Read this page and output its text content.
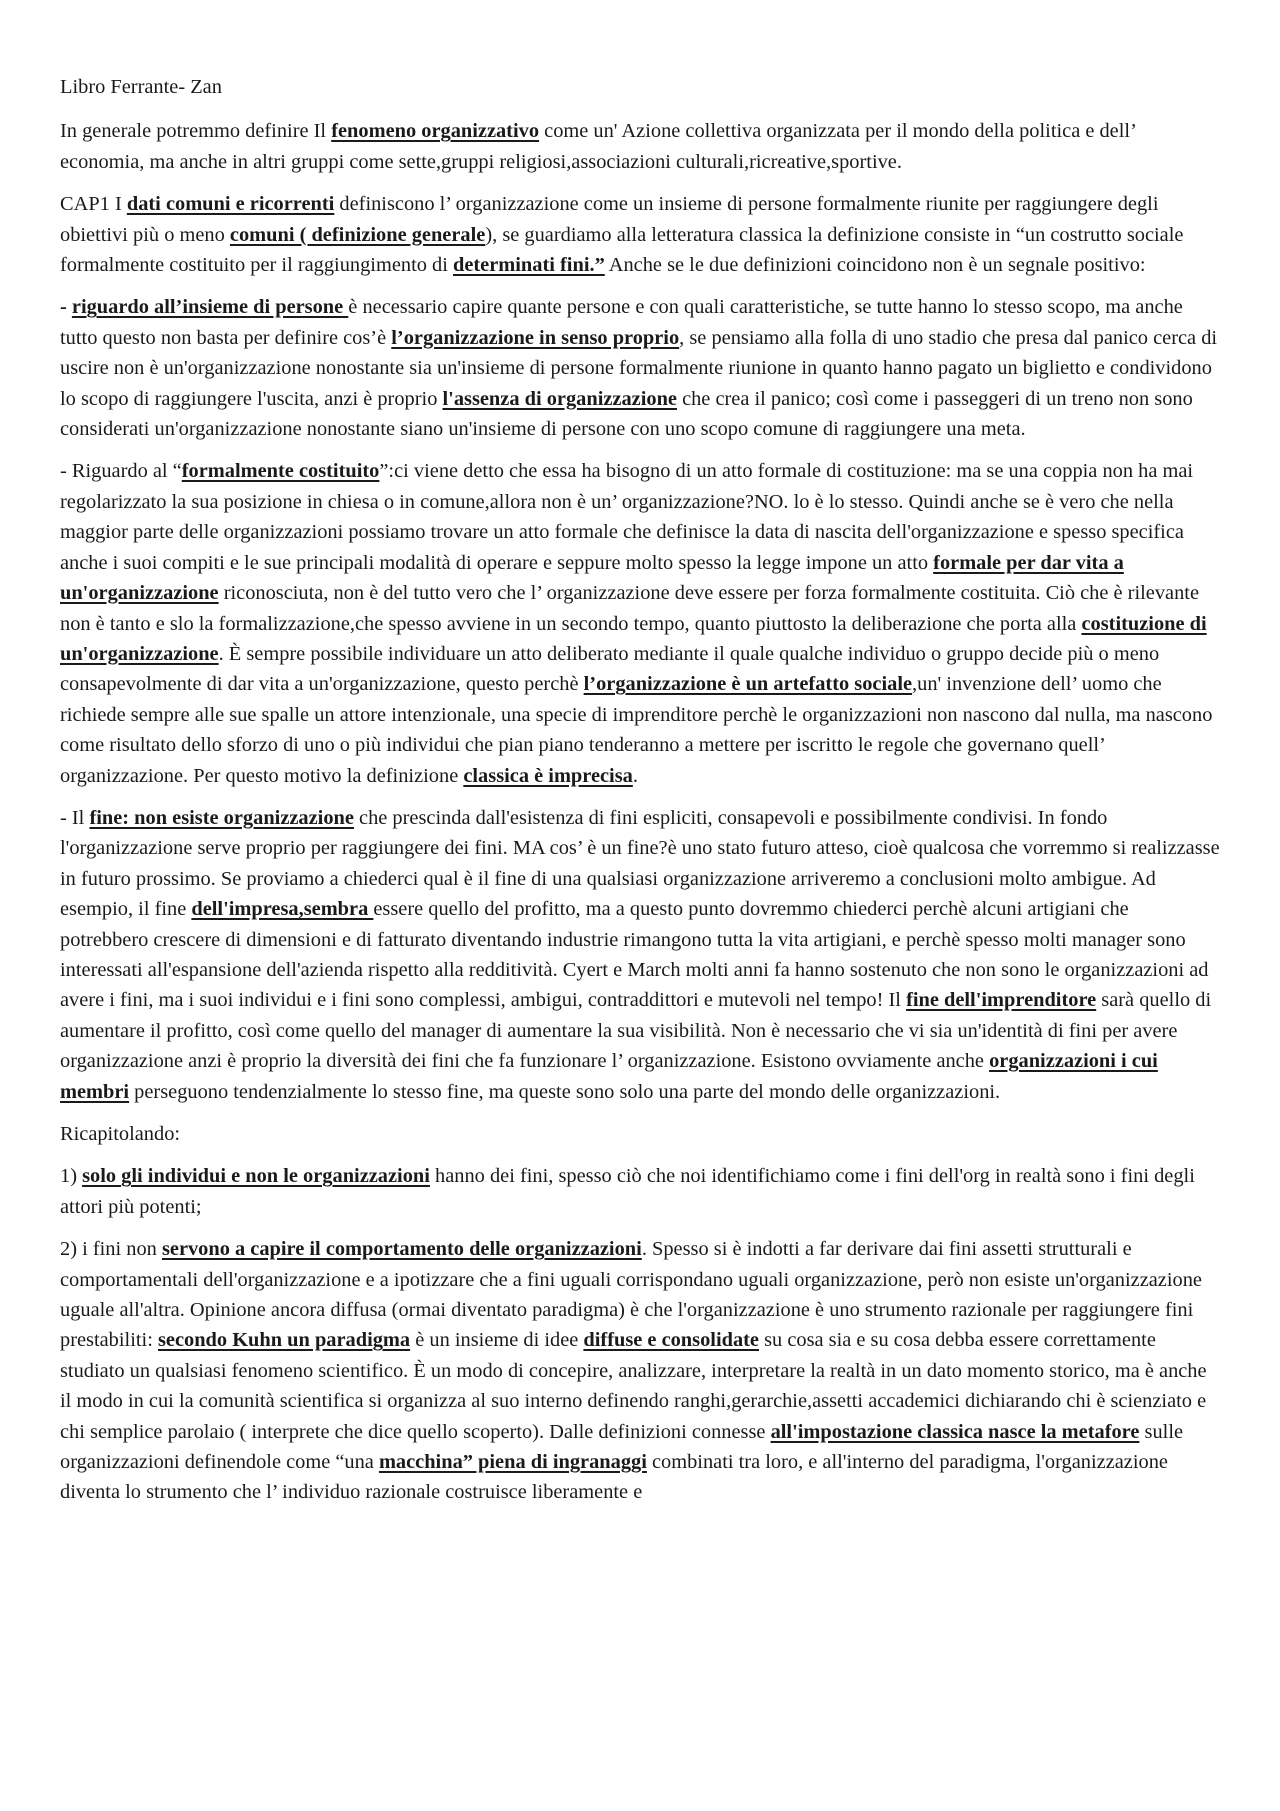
Libro Ferrante- Zan

In generale potremmo definire Il fenomeno organizzativo come un' Azione collettiva organizzata per il mondo della politica e dell’ economia, ma anche in altri gruppi come sette,gruppi religiosi,associazioni culturali,ricreative,sportive.

CAP1 I dati comuni e ricorrenti definiscono l’ organizzazione come un insieme di persone formalmente riunite per raggiungere degli obiettivi più o meno comuni ( definizione generale), se guardiamo alla letteratura classica la definizione consiste in “un costrutto sociale formalmente costituito per il raggiungimento di determinati fini.” Anche se le due definizioni coincidono non è un segnale positivo:

- riguardo all’insieme di persone è necessario capire quante persone e con quali caratteristiche, se tutte hanno lo stesso scopo, ma anche tutto questo non basta per definire cos’è l’organizzazione in senso proprio, se pensiamo alla folla di uno stadio che presa dal panico cerca di uscire non è un'organizzazione nonostante sia un'insieme di persone formalmente riunione in quanto hanno pagato un biglietto e condividono lo scopo di raggiungere l'uscita, anzi è proprio l'assenza di organizzazione che crea il panico; così come i passeggeri di un treno non sono considerati un'organizzazione nonostante siano un'insieme di persone con uno scopo comune di raggiungere una meta.

- Riguardo al “formalmente costituito”:ci viene detto che essa ha bisogno di un atto formale di costituzione: ma se una coppia non ha mai regolarizzato la sua posizione in chiesa o in comune,allora non è un’ organizzazione?NO. lo è lo stesso. Quindi anche se è vero che nella maggior parte delle organizzazioni possiamo trovare un atto formale che definisce la data di nascita dell'organizzazione e spesso specifica anche i suoi compiti e le sue principali modalità di operare e seppure molto spesso la legge impone un atto formale per dar vita a un'organizzazione riconosciuta, non è del tutto vero che l’ organizzazione deve essere per forza formalmente costituita. Ciò che è rilevante non è tanto e slo la formalizzazione,che spesso avviene in un secondo tempo, quanto piuttosto la deliberazione che porta alla costituzione di un'organizzazione. È sempre possibile individuare un atto deliberato mediante il quale qualche individuo o gruppo decide più o meno consapevolmente di dar vita a un'organizzazione, questo perchè l’organizzazione è un artefatto sociale,un' invenzione dell’ uomo che richiede sempre alle sue spalle un attore intenzionale, una specie di imprenditore perchè le organizzazioni non nascono dal nulla, ma nascono come risultato dello sforzo di uno o più individui che pian piano tenderanno a mettere per iscritto le regole che governano quell’ organizzazione. Per questo motivo la definizione classica è imprecisa.

- Il fine: non esiste organizzazione che prescinda dall'esistenza di fini espliciti, consapevoli e possibilmente condivisi. In fondo l'organizzazione serve proprio per raggiungere dei fini. MA cos’ è un fine?è uno stato futuro atteso, cioè qualcosa che vorremmo si realizzasse in futuro prossimo. Se proviamo a chiederci qual è il fine di una qualsiasi organizzazione arriveremo a conclusioni molto ambigue. Ad esempio, il fine dell'impresa,sembra essere quello del profitto, ma a questo punto dovremmo chiederci perchè alcuni artigiani che potrebbero crescere di dimensioni e di fatturato diventando industrie rimangono tutta la vita artigiani, e perchè spesso molti manager sono interessati all'espansione dell'azienda rispetto alla redditività. Cyert e March molti anni fa hanno sostenuto che non sono le organizzazioni ad avere i fini, ma i suoi individui e i fini sono complessi, ambigui, contraddittori e mutevoli nel tempo! Il fine dell'imprenditore sarà quello di aumentare il profitto, così come quello del manager di aumentare la sua visibilità. Non è necessario che vi sia un'identità di fini per avere organizzazione anzi è proprio la diversità dei fini che fa funzionare l’ organizzazione. Esistono ovviamente anche organizzazioni i cui membri perseguono tendenzialmente lo stesso fine, ma queste sono solo una parte del mondo delle organizzazioni.

Ricapitolando:

1) solo gli individui e non le organizzazioni hanno dei fini, spesso ciò che noi identifichiamo come i fini dell'org in realtà sono i fini degli attori più potenti;

2) i fini non servono a capire il comportamento delle organizzazioni. Spesso si è indotti a far derivare dai fini assetti strutturali e comportamentali dell'organizzazione e a ipotizzare che a fini uguali corrispondano uguali organizzazione, però non esiste un'organizzazione uguale all'altra. Opinione ancora diffusa (ormai diventato paradigma) è che l'organizzazione è uno strumento razionale per raggiungere fini prestabiliti: secondo Kuhn un paradigma è un insieme di idee diffuse e consolidate su cosa sia e su cosa debba essere correttamente studiato un qualsiasi fenomeno scientifico. È un modo di concepire, analizzare, interpretare la realtà in un dato momento storico, ma è anche il modo in cui la comunità scientifica si organizza al suo interno definendo ranghi,gerarchie,assetti accademici dichiarando chi è scienziato e chi semplice parolaio ( interprete che dice quello scoperto). Dalle definizioni connesse all'impostazione classica nasce la metafore sulle organizzazioni definendole come “una macchina” piena di ingranaggi combinati tra loro, e all'interno del paradigma, l'organizzazione diventa lo strumento che l’ individuo razionale costruisce liberamente e
